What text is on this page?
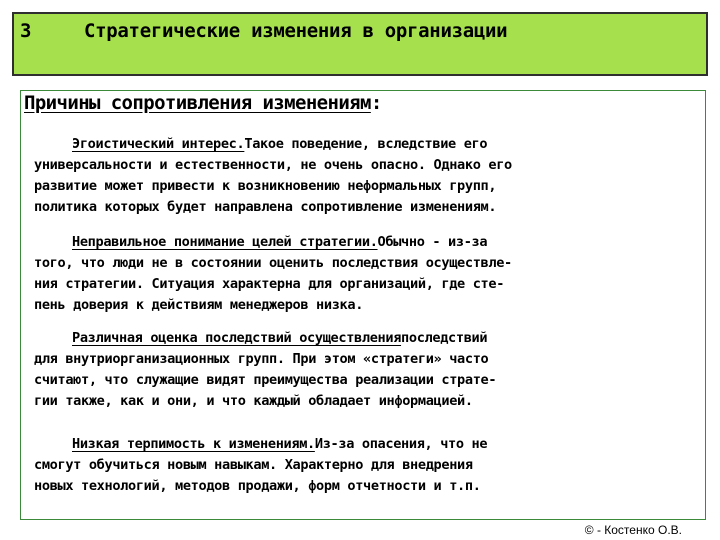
3	Стратегические изменения в организации
Причины сопротивления изменениям:
Эгоистический интерес.Такое поведение, вследствие его
универсальности и естественности, не очень опасно. Однако его
развитие может привести к возникновению неформальных групп,
политика которых будет направлена сопротивление изменениям.
Неправильное понимание целей стратегии.Обычно - из-за
того, что люди не в состоянии оценить последствия осуществле-
ния стратегии. Ситуация характерна для организаций, где сте-
пень доверия к действиям менеджеров низка.
Различная оценка последствий осуществленияпоследствий
для внутриорганизационных групп. При этом «стратеги» часто
считают, что служащие видят преимущества реализации страте-
гии также, как и они, и что каждый обладает информацией.
Низкая терпимость к изменениям.Из-за опасения, что не
смогут обучиться новым навыкам. Характерно для внедрения
новых технологий, методов продажи, форм отчетности и т.п.
© - Костенко О.В.
